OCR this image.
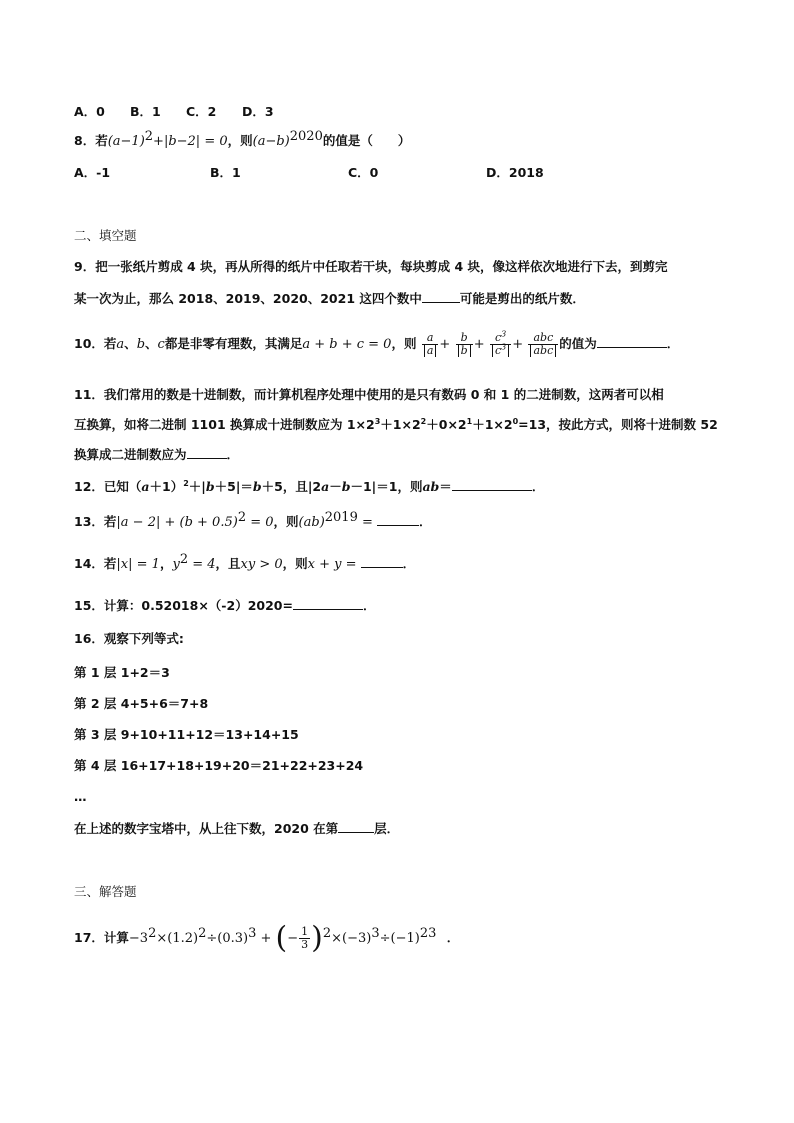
A．0 B．1 C．2 D．3
8．若$(a-1)^2+|b-2| = 0$，则$(a-b)^{2020}$的值是（　　）
A．-1	B．1	C．0	D．2018
二、填空题
9．把一张纸片剪成 4 块，再从所得的纸片中任取若干块，每块剪成 4 块，像这样依次地进行下去，到剪完
某一次为止，那么 2018、2019、2020、2021 这四个数中	可能是剪出的纸片数．
10．若a、b、c都是非零有理数，其满足a + b + c = 0，则 $\frac{a}{a} + \frac{b}{b} + \frac{c^3}{c^3} + \frac{\text{abc}}{\text{abc}}$ 的值为	．
11．我们常用的数是十进制数，而计算机程序处理中使用的是只有数码 0 和 1 的二进制数，这两者可以相
互换算，如将二进制 1101 换算成十进制数应为 $1\times 2^3+1\times 2^2+0\times 2^1+1\times 2^0=13$，按此方式，则将十进制数 52
换算成二进制数应为	．
12．已知$(a+1)^2+|b+5|=b+5$，且|2a－b－1|＝1，则ab＝	．
13．若$|a - 2| + (b + 0.5)^2 = 0$，则(ab)$^{2019}$ =	．
14．若|x| = 1，$y^2 = 4$，且xy > 0，则x + y =	．
15．计算：0.52018×（-2）2020=	．
16．观察下列等式:
第 1 层 1+2＝3
第 2 层 4+5+6＝7+8
第 3 层 9+10+11+12＝13+14+15
第 4 层 16+17+18+19+20＝21+22+23+24
…
在上述的数字宝塔中，从上往下数，2020 在第	层．
三、解答题
17．计算$-3^2\times(1.2)^2\div(0.3)^3$ + (− $\frac{1}{3} )^2\times(-3)^3\div(-1)^{23}$ ．
